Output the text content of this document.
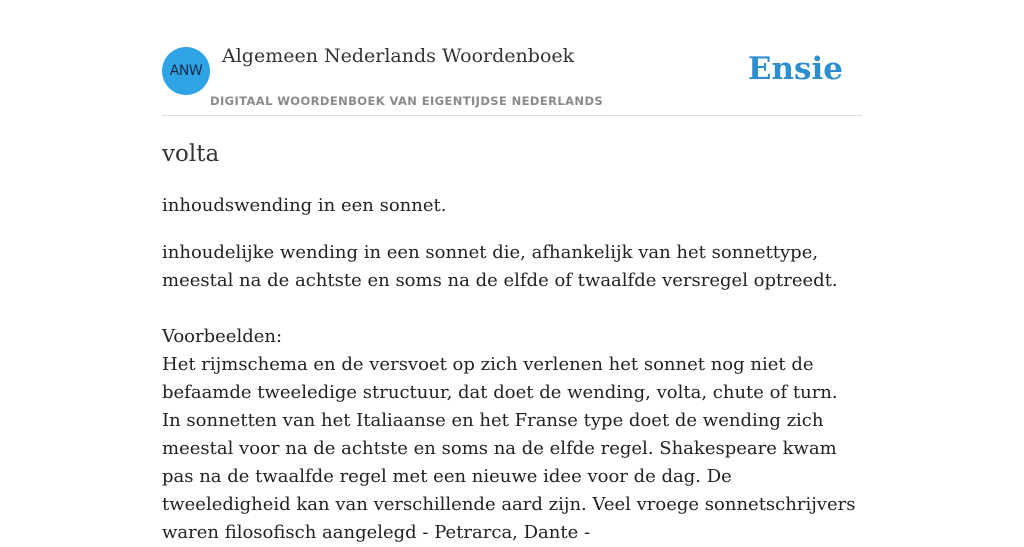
ANW
Algemeen Nederlands Woordenboek
DIGITAAL WOORDENBOEK VAN EIGENTIJDSE NEDERLANDS
Ensie
volta

inhoudswending in een sonnet.

inhoudelijke wending in een sonnet die, afhankelijk van het sonnettype, meestal na de achtste en soms na de elfde of twaalfde versregel optreedt.

Voorbeelden:

Het rijmschema en de versvoet op zich verlenen het sonnet nog niet de befaamde tweeledige structuur, dat doet de wending, volta, chute of turn. In sonnetten van het Italiaanse en het Franse type doet de wending zich meestal voor na de achtste en soms na de elfde regel. Shakespeare kwam pas na de twaalfde regel met een nieuwe idee voor de dag. De tweeledigheid kan van verschillende aard zijn. Veel vroege sonnetschrijvers waren filosofisch aangelegd - Petrarca, Dante -
